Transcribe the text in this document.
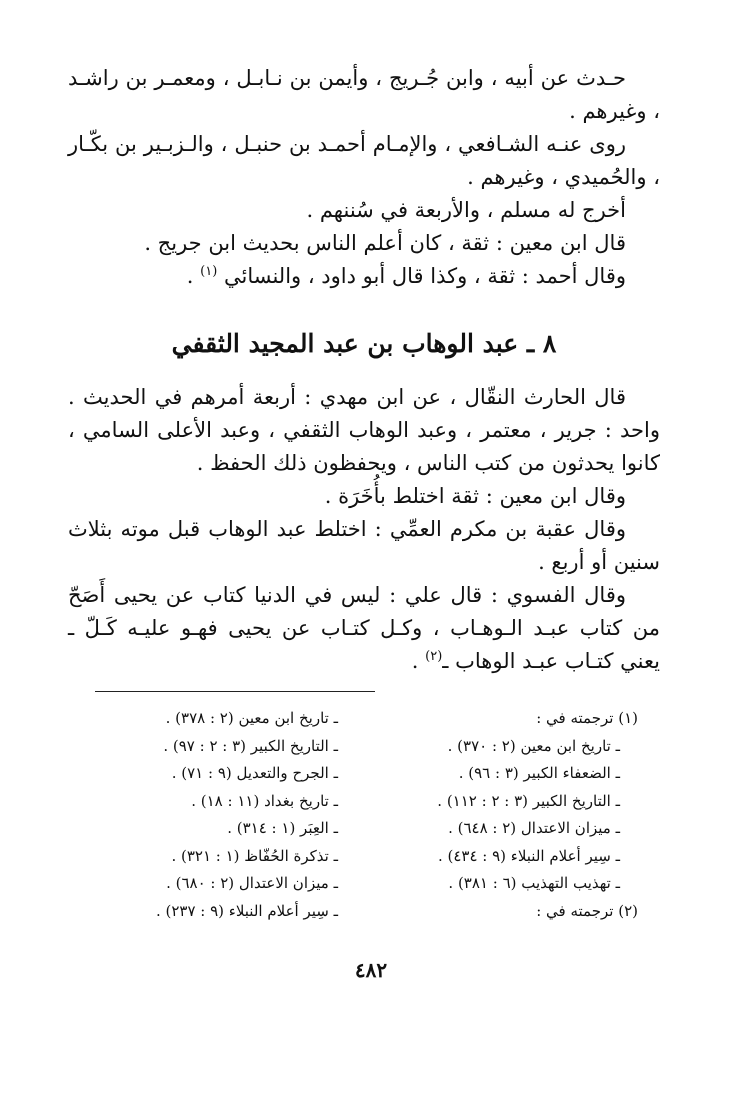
حـدث عن أبيه ، وابن جُـريج ، وأيمن بن نـابـل ، ومعمـر بن راشـد ، وغيرهم .

روى عنـه الشـافعي ، والإمـام أحمـد بن حنبـل ، والـزبـير بن بكّـار ، والحُميدي ، وغيرهم .

أخرج له مسلم ، والأربعة في سُننهم .

قال ابن معين : ثقة ، كان أعلم الناس بحديث ابن جريج .

وقال أحمد : ثقة ، وكذا قال أبو داود ، والنسائي $^{(١)}$ .

٨ ـ عبد الوهاب بن عبد المجيد الثقفي

قال الحارث النقّال ، عن ابن مهدي : أربعة أمرهم في الحديث . واحد : جرير ، معتمر ، وعبد الوهاب الثقفي ، وعبد الأعلى السامي ، كانوا يحدثون من كتب الناس ، ويحفظون ذلك الحفظ .

وقال ابن معين : ثقة اختلط بأُخَرَة .

وقال عقبة بن مكرم العمِّي : اختلط عبد الوهاب قبل موته بثلاث سنين أو أربع .

وقال الفسوي : قال علي : ليس في الدنيا كتاب عن يحيى أَصَحّ من كتاب عبـد الـوهـاب ، وكـل كتـاب عن يحيى فهـو عليـه كَـلّ ـ يعني كتـاب عبـد الوهاب ـ$^{(٢)}$ .

(١) ترجمته في :
ـ تاريخ ابن معين (٢ : ٣٧٠) .
ـ الضعفاء الكبير (٣ : ٩٦) .
ـ التاريخ الكبير (٣ : ٢ : ١١٢) .
ـ ميزان الاعتدال (٢ : ٦٤٨) .
ـ سِير أعلام النبلاء (٩ : ٤٣٤) .
ـ تهذيب التهذيب (٦ : ٣٨١) .
(٢) ترجمته في :
ـ تاريخ ابن معين (٢ : ٣٧٨) .
ـ التاريخ الكبير (٣ : ٢ : ٩٧) .
ـ الجرح والتعديل (٩ : ٧١) .
ـ تاريخ بغداد (١١ : ١٨) .
ـ العِبَر (١ : ٣١٤) .
ـ تذكرة الحُفّاظ (١ : ٣٢١) .
ـ ميزان الاعتدال (٢ : ٦٨٠) .
ـ سِير أعلام النبلاء (٩ : ٢٣٧) .
٤٨٢
